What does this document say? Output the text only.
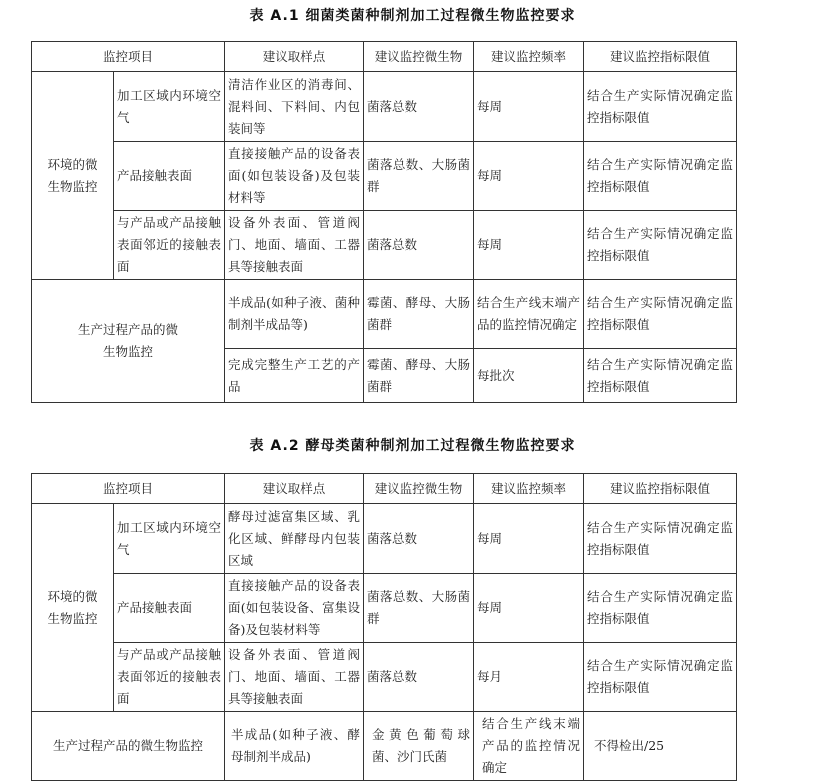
表 A.1 细菌类菌种制剂加工过程微生物监控要求
监控项目		建议取样点	建议监控微生物	建议监控频率	建议监控指标限值
环境的微生物监控	加工区域内环境空气	清洁作业区的消毒间、混料间、下料间、内包装间等	菌落总数	每周	结合生产实际情况确定监控指标限值
	产品接触表面	直接接触产品的设备表面(如包装设备)及包装材料等	菌落总数、大肠菌群	每周	结合生产实际情况确定监控指标限值
	与产品或产品接触表面邻近的接触表面	设备外表面、管道阀门、地面、墙面、工器具等接触表面	菌落总数	每周	结合生产实际情况确定监控指标限值
生产过程产品的微生物监控		半成品(如种子液、菌种制剂半成品等)	霉菌、酵母、大肠菌群	结合生产线末端产品的监控情况确定	结合生产实际情况确定监控指标限值
		完成完整生产工艺的产品	霉菌、酵母、大肠菌群	每批次	结合生产实际情况确定监控指标限值
表 A.2 酵母类菌种制剂加工过程微生物监控要求
监控项目		建议取样点	建议监控微生物	建议监控频率	建议监控指标限值
环境的微生物监控	加工区域内环境空气	酵母过滤富集区域、乳化区域、鲜酵母内包装区域	菌落总数	每周	结合生产实际情况确定监控指标限值
	产品接触表面	直接接触产品的设备表面(如包装设备、富集设备)及包装材料等	菌落总数、大肠菌群	每周	结合生产实际情况确定监控指标限值
	与产品或产品接触表面邻近的接触表面	设备外表面、管道阀门、地面、墙面、工器具等接触表面	菌落总数	每月	结合生产实际情况确定监控指标限值
生产过程产品的微生物监控		半成品(如种子液、酵母制剂半成品)	金黄色葡萄球菌、沙门氏菌	结合生产线末端产品的监控情况确定	不得检出/25
